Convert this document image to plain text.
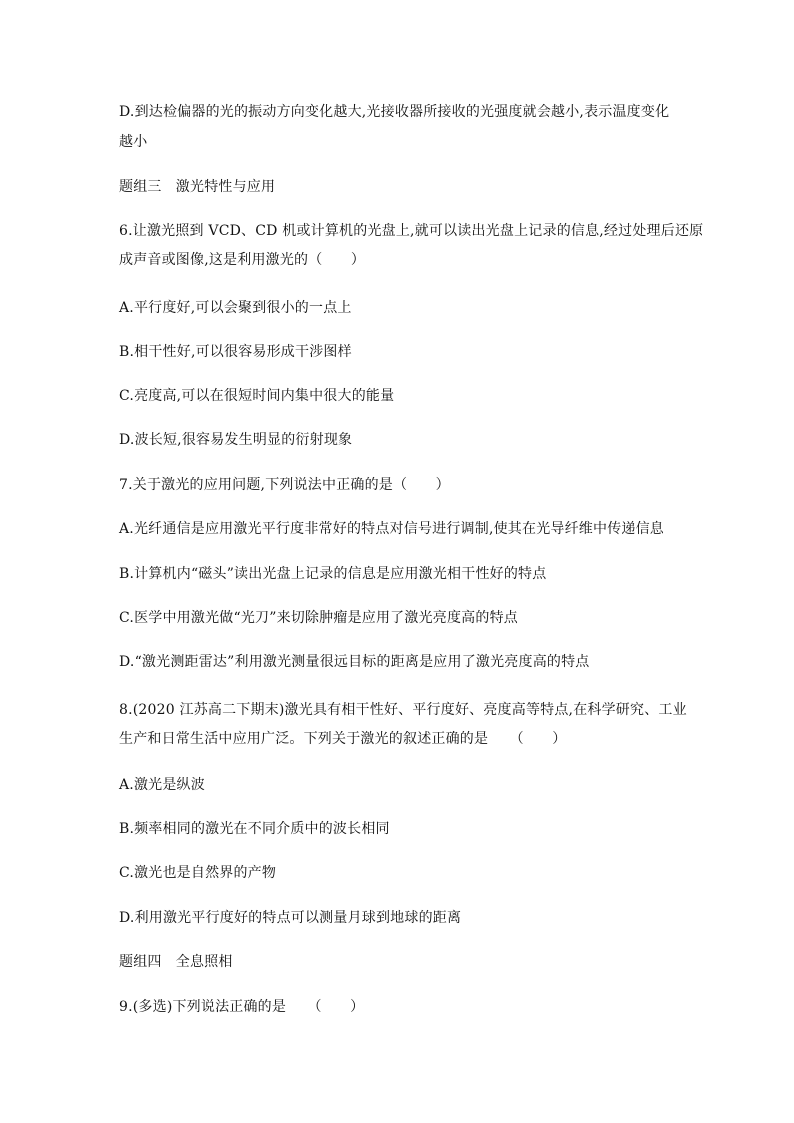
D.到达检偏器的光的振动方向变化越大,光接收器所接收的光强度就会越小,表示温度变化
越小
题组三　激光特性与应用
6.让激光照到 VCD、CD 机或计算机的光盘上,就可以读出光盘上记录的信息,经过处理后还原
成声音或图像,这是利用激光的（　　）
A.平行度好,可以会聚到很小的一点上
B.相干性好,可以很容易形成干涉图样
C.亮度高,可以在很短时间内集中很大的能量
D.波长短,很容易发生明显的衍射现象
7.关于激光的应用问题,下列说法中正确的是（　　）
A.光纤通信是应用激光平行度非常好的特点对信号进行调制,使其在光导纤维中传递信息
B.计算机内“磁头”读出光盘上记录的信息是应用激光相干性好的特点
C.医学中用激光做“光刀”来切除肿瘤是应用了激光亮度高的特点
D.“激光测距雷达”利用激光测量很远目标的距离是应用了激光亮度高的特点
8.(2020 江苏高二下期末)激光具有相干性好、平行度好、亮度高等特点,在科学研究、工业
生产和日常生活中应用广泛。下列关于激光的叙述正确的是　　（　　）
A.激光是纵波
B.频率相同的激光在不同介质中的波长相同
C.激光也是自然界的产物
D.利用激光平行度好的特点可以测量月球到地球的距离
题组四　全息照相
9.(多选)下列说法正确的是　　（　　）
